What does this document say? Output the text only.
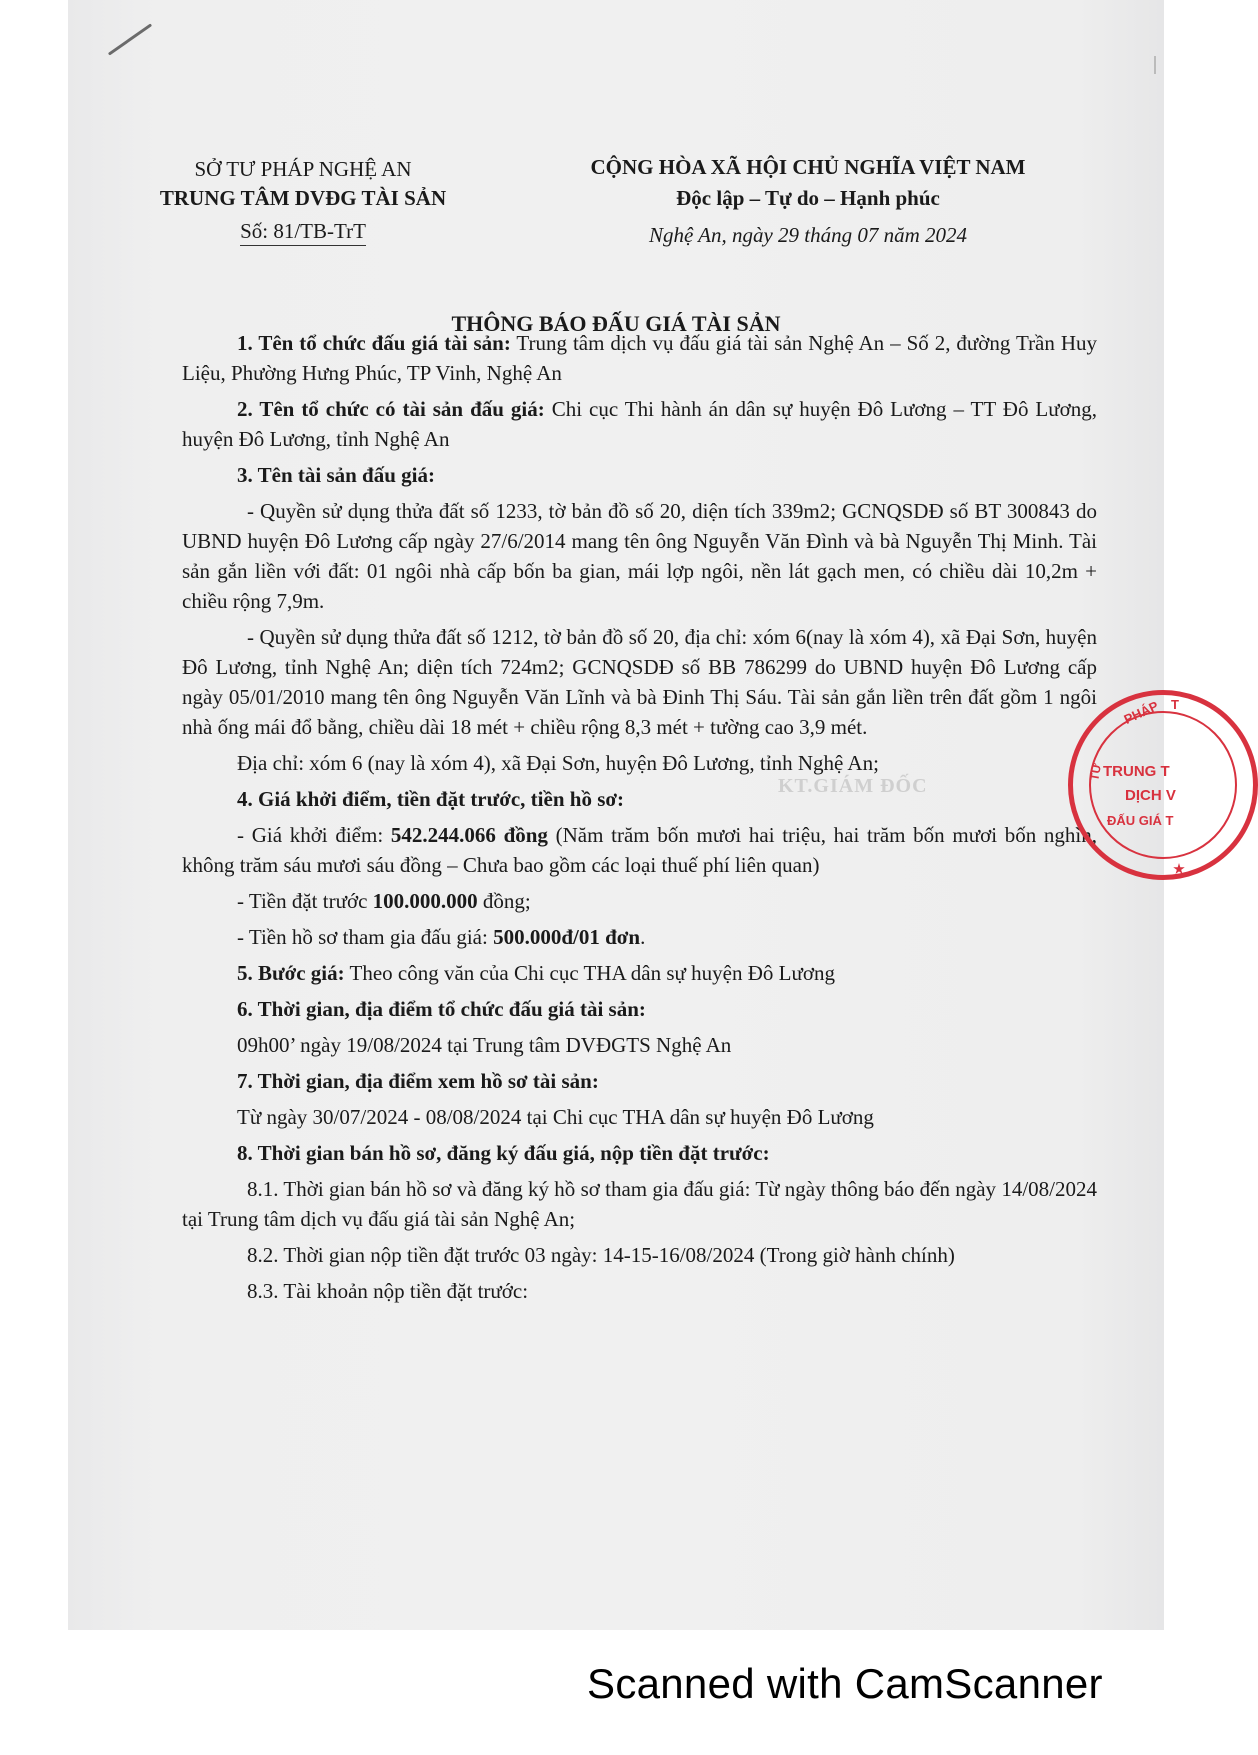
KT.GIÁM ĐỐC
SỞ TƯ PHÁP NGHỆ AN
TRUNG TÂM DVĐG TÀI SẢN
Số: 81/TB-TrT
CỘNG HÒA XÃ HỘI CHỦ NGHĨA VIỆT NAM
Độc lập – Tự do – Hạnh phúc
Nghệ An, ngày 29 tháng 07 năm 2024
THÔNG BÁO ĐẤU GIÁ TÀI SẢN

1. Tên tổ chức đấu giá tài sản: Trung tâm dịch vụ đấu giá tài sản Nghệ An – Số 2, đường Trần Huy Liệu, Phường Hưng Phúc, TP Vinh, Nghệ An

2. Tên tổ chức có tài sản đấu giá: Chi cục Thi hành án dân sự huyện Đô Lương – TT Đô Lương, huyện Đô Lương, tỉnh Nghệ An

3. Tên tài sản đấu giá:

- Quyền sử dụng thửa đất số 1233, tờ bản đồ số 20, diện tích 339m2; GCNQSDĐ số BT 300843 do UBND huyện Đô Lương cấp ngày 27/6/2014 mang tên ông Nguyễn Văn Đình và bà Nguyễn Thị Minh. Tài sản gắn liền với đất: 01 ngôi nhà cấp bốn ba gian, mái lợp ngôi, nền lát gạch men, có chiều dài 10,2m + chiều rộng 7,9m.

- Quyền sử dụng thửa đất số 1212, tờ bản đồ số 20, địa chỉ: xóm 6(nay là xóm 4), xã Đại Sơn, huyện Đô Lương, tỉnh Nghệ An; diện tích 724m2; GCNQSDĐ số BB 786299 do UBND huyện Đô Lương cấp ngày 05/01/2010 mang tên ông Nguyễn Văn Lĩnh và bà Đinh Thị Sáu. Tài sản gắn liền trên đất gồm 1 ngôi nhà ống mái đổ bằng, chiều dài 18 mét + chiều rộng 8,3 mét + tường cao 3,9 mét.

Địa chỉ: xóm 6 (nay là xóm 4), xã Đại Sơn, huyện Đô Lương, tỉnh Nghệ An;

4. Giá khởi điểm, tiền đặt trước, tiền hồ sơ:

- Giá khởi điểm: 542.244.066 đồng (Năm trăm bốn mươi hai triệu, hai trăm bốn mươi bốn nghìn, không trăm sáu mươi sáu đồng – Chưa bao gồm các loại thuế phí liên quan)

- Tiền đặt trước 100.000.000 đồng;

- Tiền hồ sơ tham gia đấu giá: 500.000đ/01 đơn.

5. Bước giá: Theo công văn của Chi cục THA dân sự huyện Đô Lương

6. Thời gian, địa điểm tổ chức đấu giá tài sản:

09h00’ ngày 19/08/2024 tại Trung tâm DVĐGTS Nghệ An

7. Thời gian, địa điểm xem hồ sơ tài sản:

Từ ngày 30/07/2024 - 08/08/2024 tại Chi cục THA dân sự huyện Đô Lương

8. Thời gian bán hồ sơ, đăng ký đấu giá, nộp tiền đặt trước:

8.1. Thời gian bán hồ sơ và đăng ký hồ sơ tham gia đấu giá: Từ ngày thông báo đến ngày 14/08/2024 tại Trung tâm dịch vụ đấu giá tài sản Nghệ An;

8.2. Thời gian nộp tiền đặt trước 03 ngày: 14-15-16/08/2024 (Trong giờ hành chính)

8.3. Tài khoản nộp tiền đặt trước:

PHÁP T
TƯ
TRUNG T
DỊCH V
ĐẤU GIÁ T
Scanned with CamScanner
